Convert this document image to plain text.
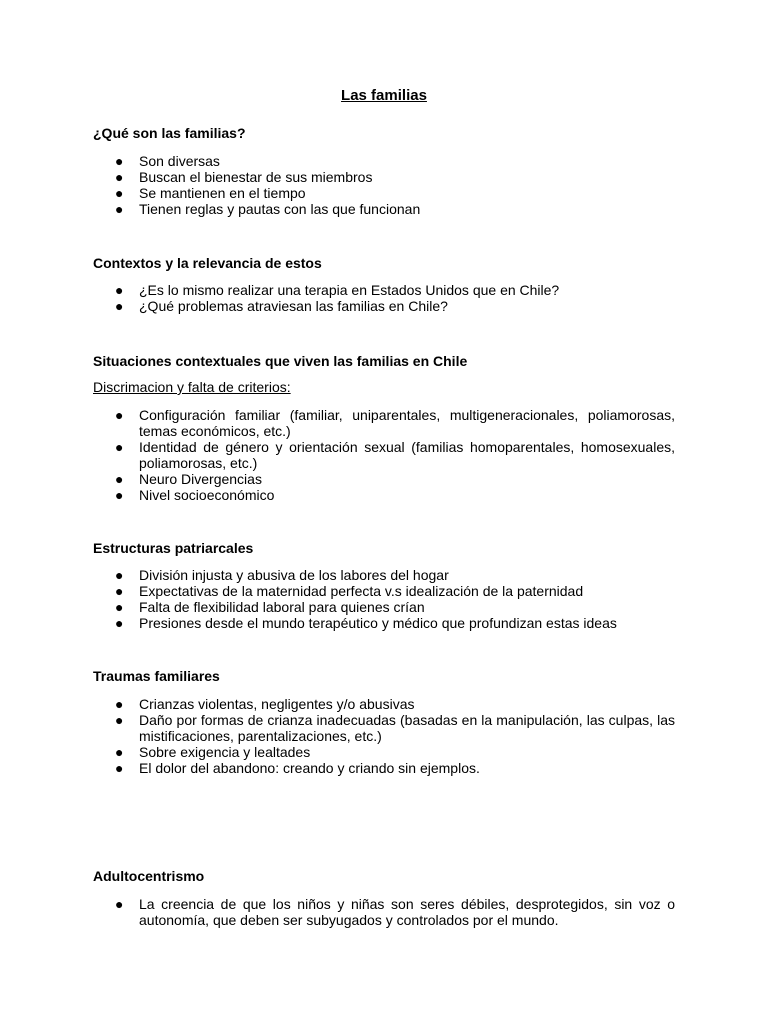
Las familias

¿Qué son las familias?

● Son diversas
● Buscan el bienestar de sus miembros
● Se mantienen en el tiempo
● Tienen reglas y pautas con las que funcionan

Contextos y la relevancia de estos

● ¿Es lo mismo realizar una terapia en Estados Unidos que en Chile?
● ¿Qué problemas atraviesan las familias en Chile?

Situaciones contextuales que viven las familias en Chile

Discrimacion y falta de criterios:

● Configuración familiar (familiar, uniparentales, multigeneracionales, poliamorosas, temas económicos, etc.)
● Identidad de género y orientación sexual (familias homoparentales, homosexuales, poliamorosas, etc.)
● Neuro Divergencias
● Nivel socioeconómico

Estructuras patriarcales

● División injusta y abusiva de los labores del hogar
● Expectativas de la maternidad perfecta v.s idealización de la paternidad
● Falta de flexibilidad laboral para quienes crían
● Presiones desde el mundo terapéutico y médico que profundizan estas ideas

Traumas familiares

● Crianzas violentas, negligentes y/o abusivas
● Daño por formas de crianza inadecuadas (basadas en la manipulación, las culpas, las mistificaciones, parentalizaciones, etc.)
● Sobre exigencia y lealtades
● El dolor del abandono: creando y criando sin ejemplos.

Adultocentrismo

● La creencia de que los niños y niñas son seres débiles, desprotegidos, sin voz o autonomía, que deben ser subyugados y controlados por el mundo.
